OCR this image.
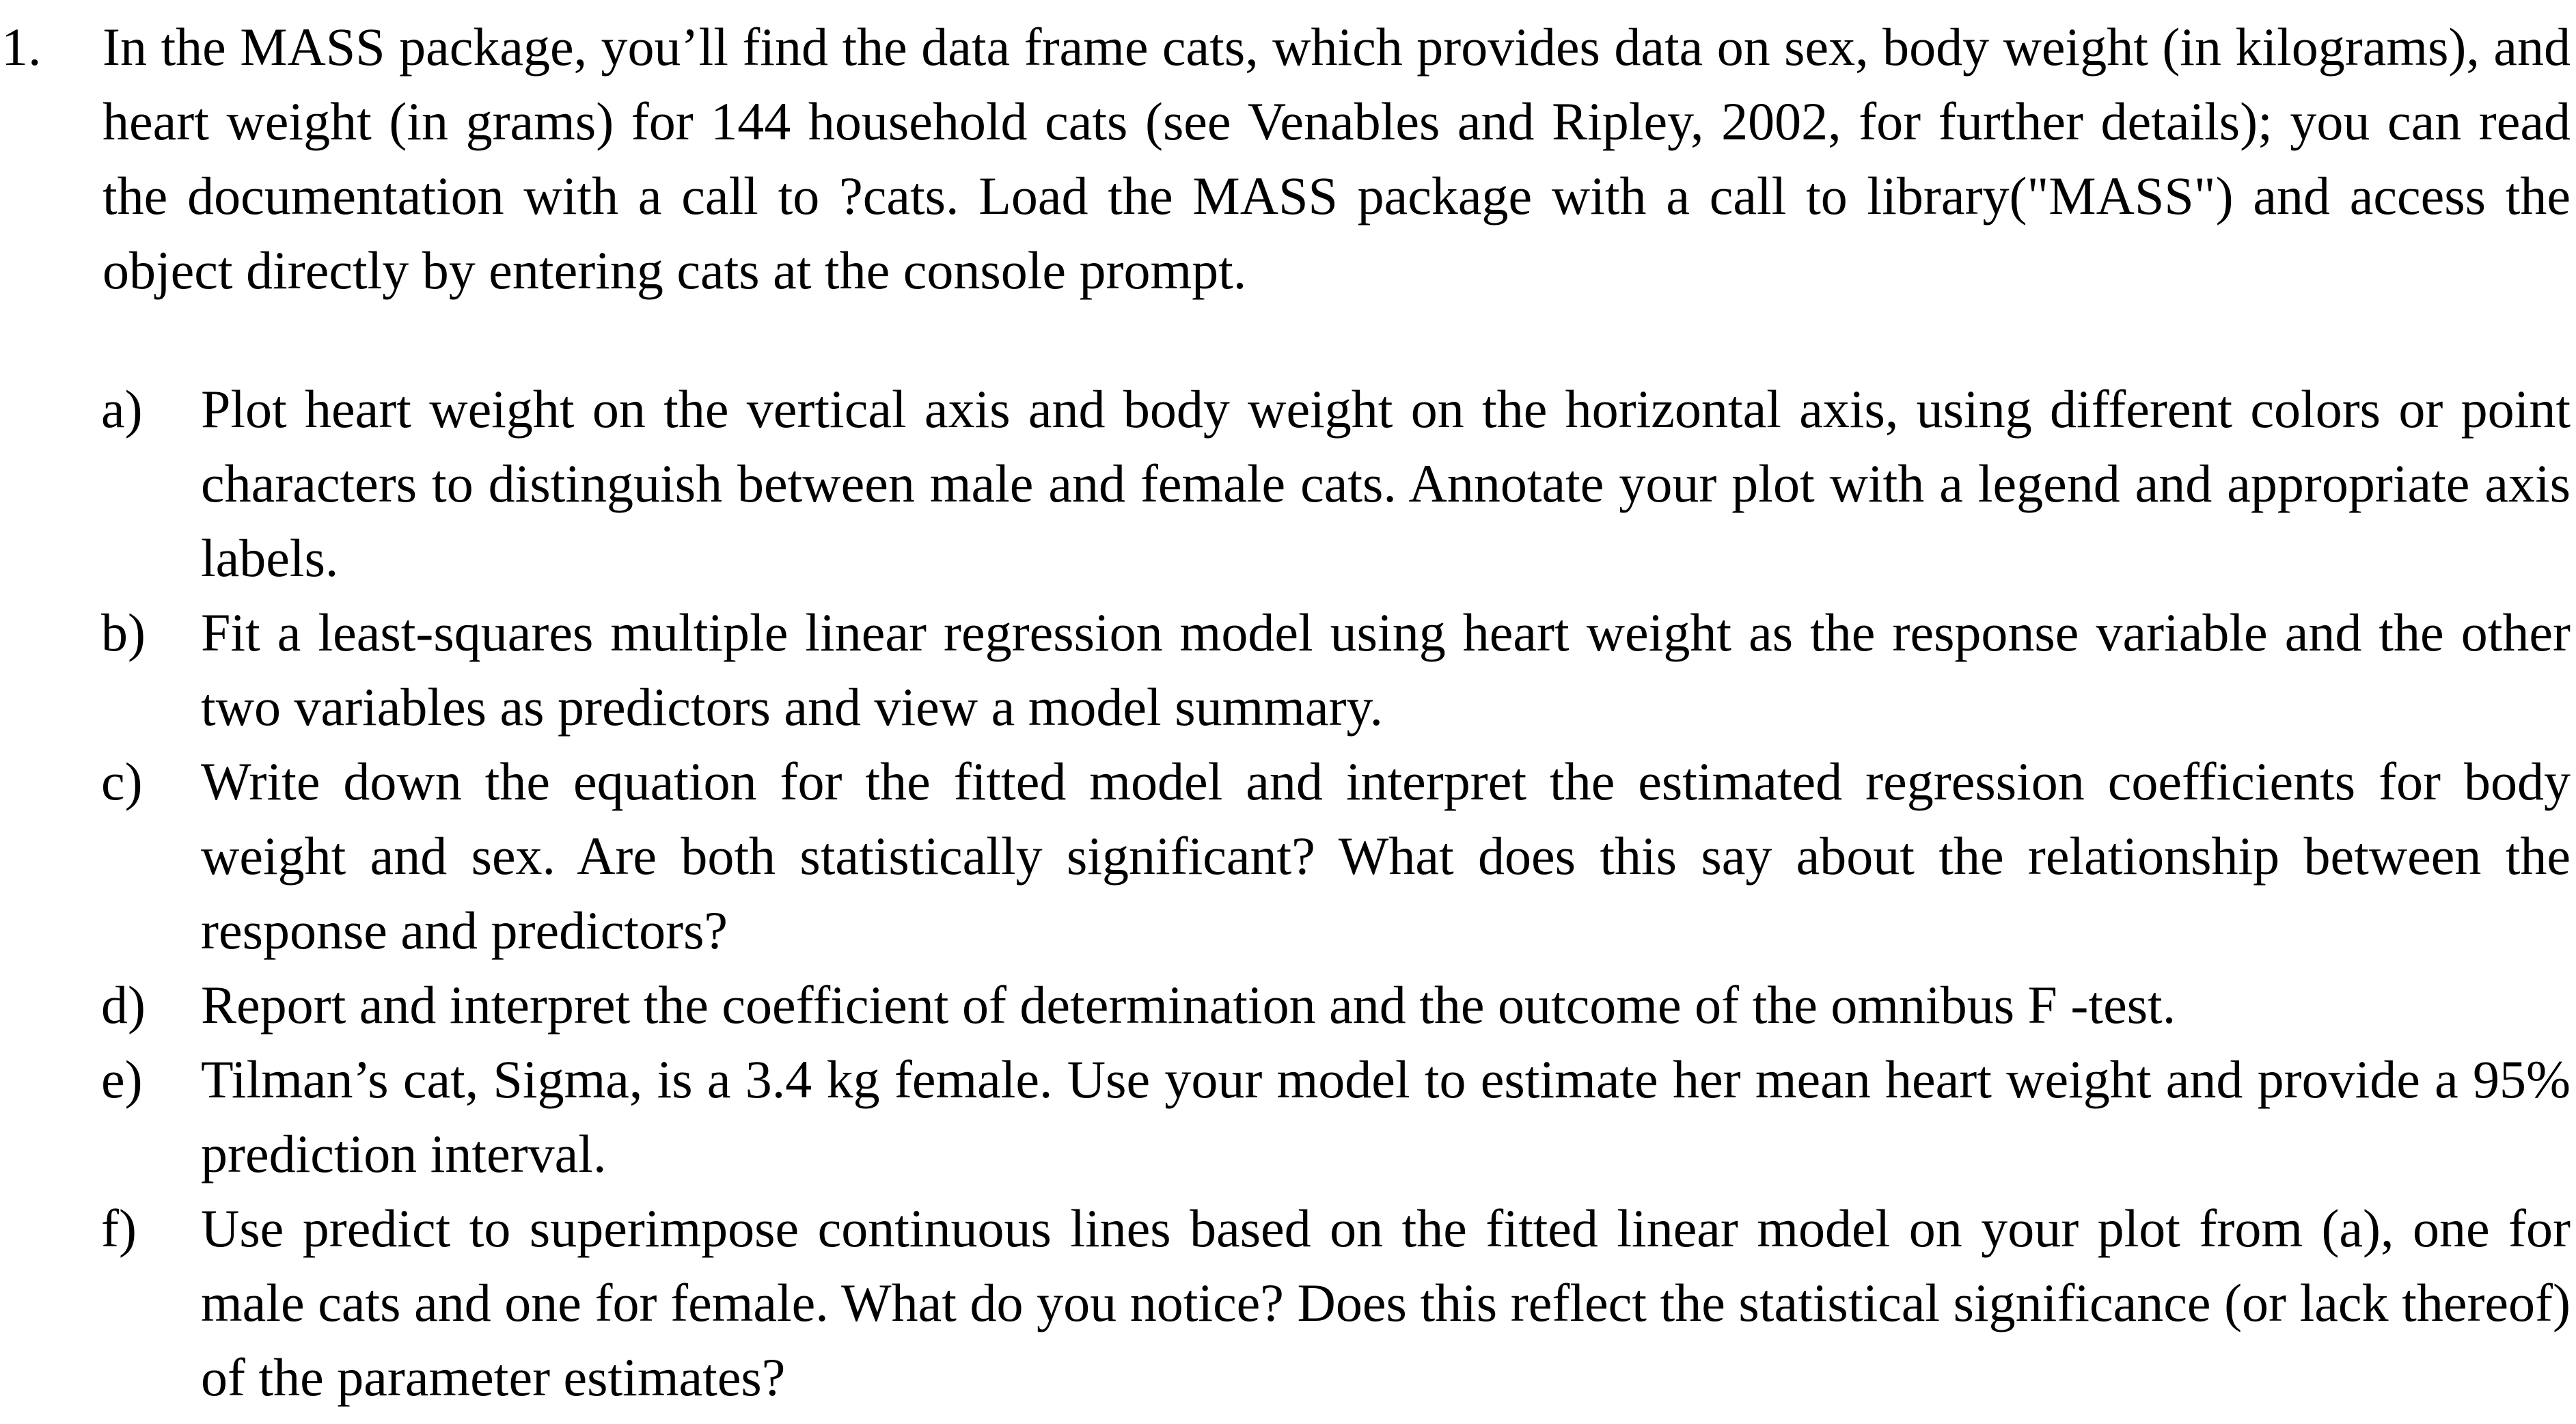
1. In the MASS package, you’ll find the data frame cats, which provides data on sex, body weight (in kilograms), and heart weight (in grams) for 144 household cats (see Venables and Ripley, 2002, for further details); you can read the documentation with a call to ?cats. Load the MASS package with a call to library("MASS") and access the object directly by entering cats at the console prompt.
a) Plot heart weight on the vertical axis and body weight on the horizontal axis, using different colors or point characters to distinguish between male and female cats. Annotate your plot with a legend and appropriate axis labels.
b) Fit a least-squares multiple linear regression model using heart weight as the response variable and the other two variables as predictors and view a model summary.
c) Write down the equation for the fitted model and interpret the estimated regression coefficients for body weight and sex. Are both statistically significant? What does this say about the relationship between the response and predictors?
d) Report and interpret the coefficient of determination and the outcome of the omnibus F -test.
e) Tilman’s cat, Sigma, is a 3.4 kg female. Use your model to estimate her mean heart weight and provide a 95% prediction interval.
f) Use predict to superimpose continuous lines based on the fitted linear model on your plot from (a), one for male cats and one for female. What do you notice? Does this reflect the statistical significance (or lack thereof) of the parameter estimates?
